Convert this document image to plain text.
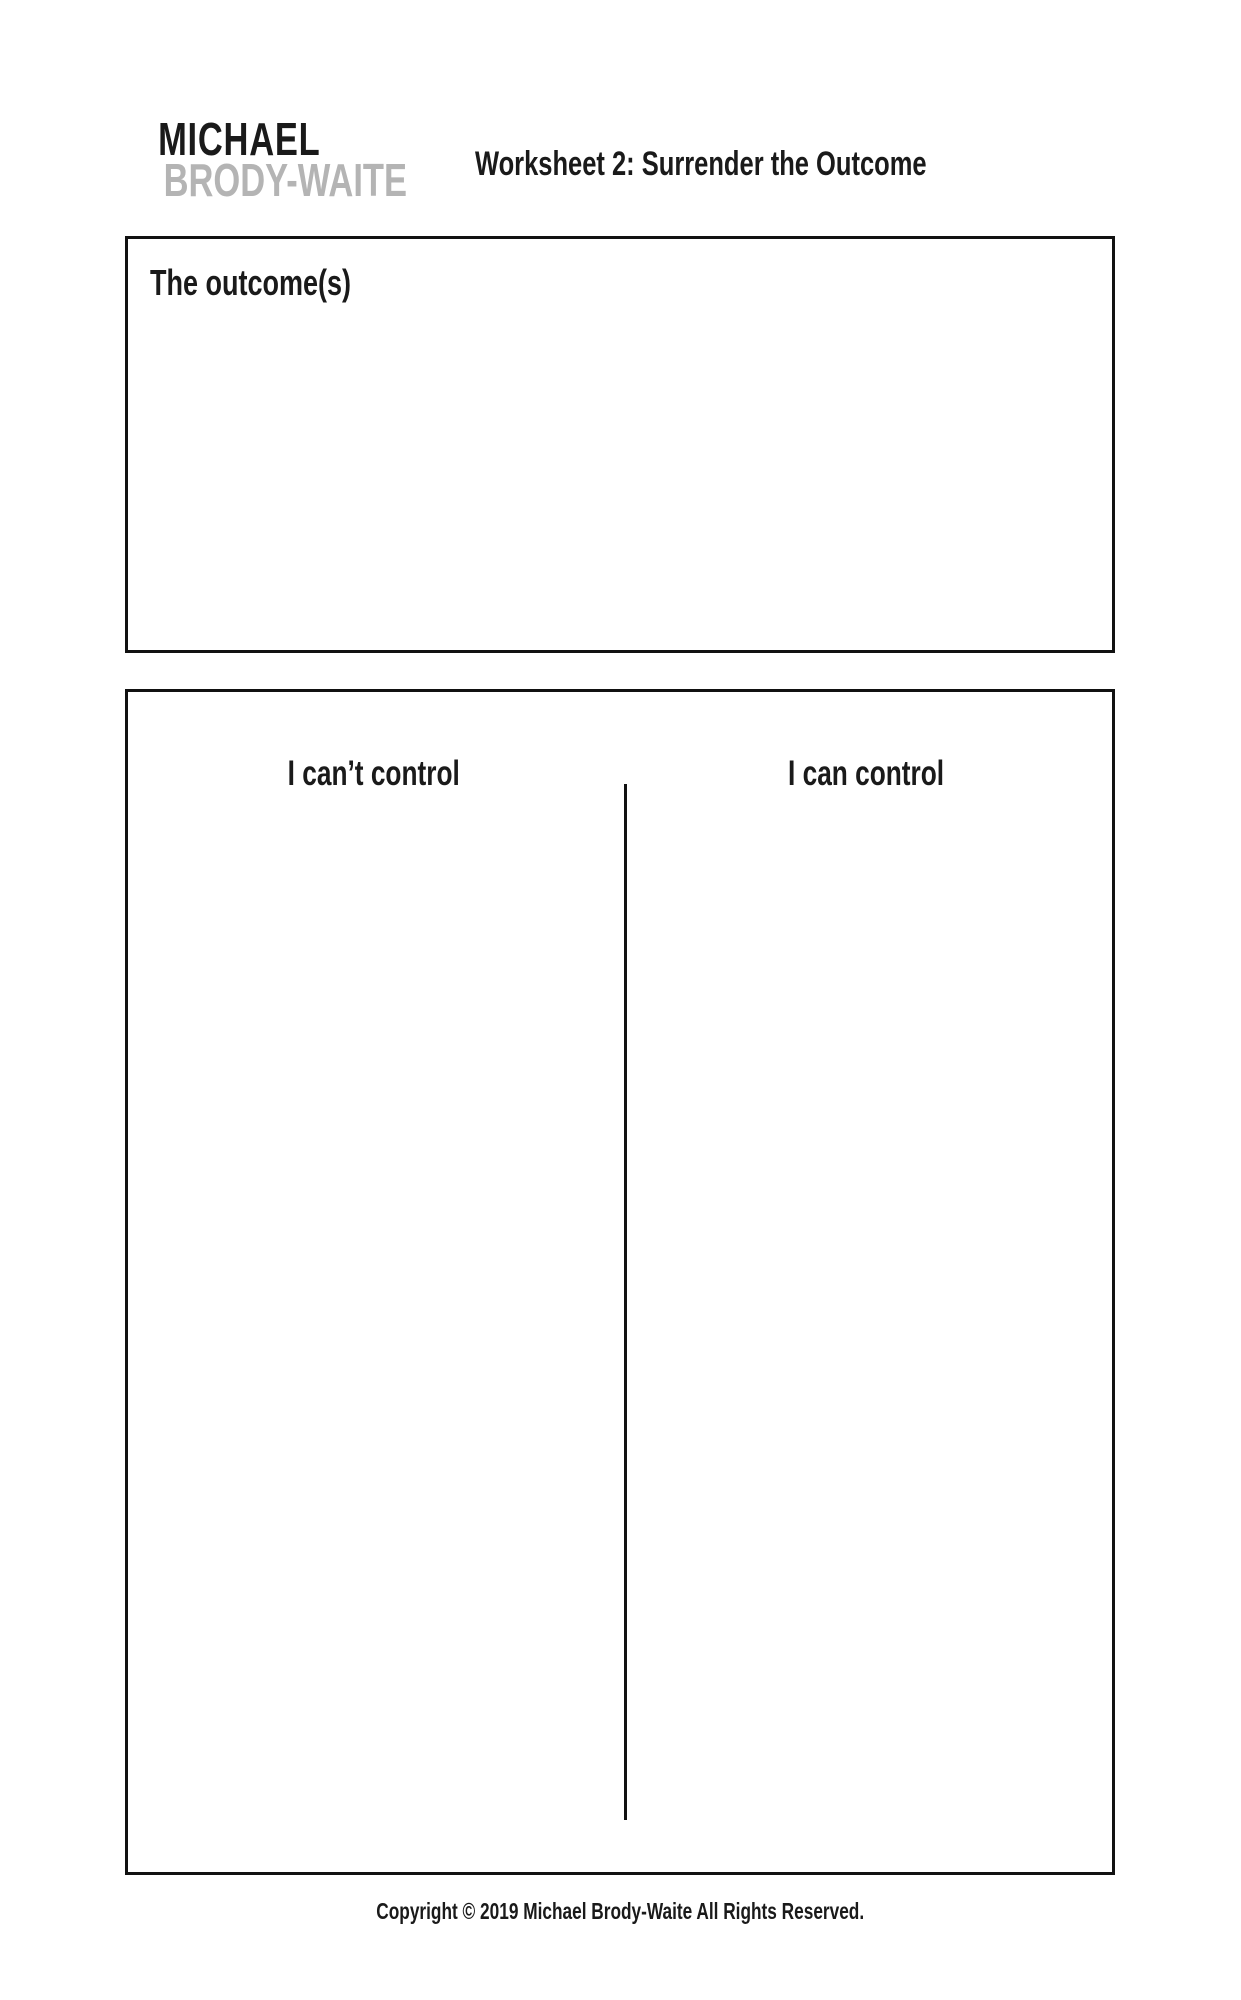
MICHAEL
BRODY-WAITE Worksheet 2: Surrender the Outcome
The outcome(s)
I can’t control	I can control
Copyright © 2019 Michael Brody-Waite All Rights Reserved.
